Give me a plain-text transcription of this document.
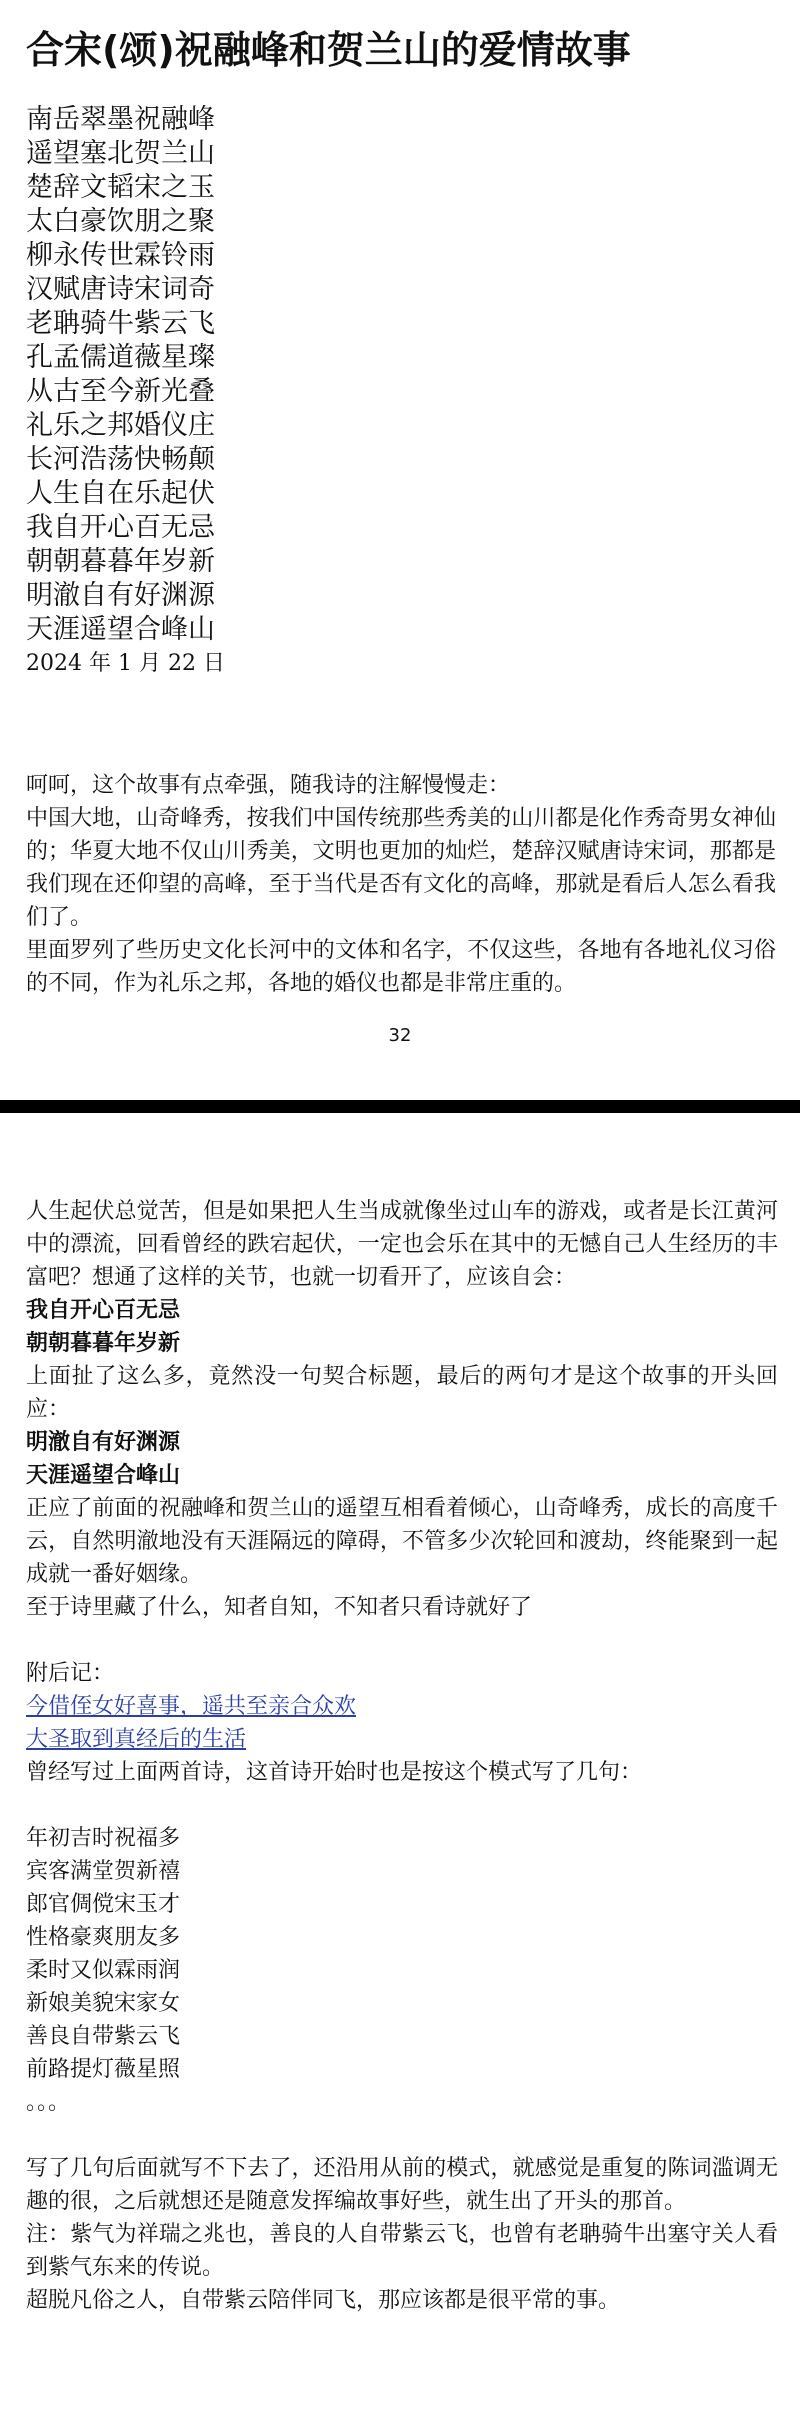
合宋(颂)祝融峰和贺兰山的爱情故事
南岳翠墨祝融峰
遥望塞北贺兰山
楚辞文韬宋之玉
太白豪饮朋之聚
柳永传世霖铃雨
汉赋唐诗宋词奇
老聃骑牛紫云飞
孔孟儒道薇星璨
从古至今新光叠
礼乐之邦婚仪庄
长河浩荡快畅颠
人生自在乐起伏
我自开心百无忌
朝朝暮暮年岁新
明澈自有好渊源
天涯遥望合峰山
2024 年 1 月 22 日

呵呵，这个故事有点牵强，随我诗的注解慢慢走：

中国大地，山奇峰秀，按我们中国传统那些秀美的山川都是化作秀奇男女神仙的；华夏大地不仅山川秀美，文明也更加的灿烂，楚辞汉赋唐诗宋词，那都是我们现在还仰望的高峰，至于当代是否有文化的高峰，那就是看后人怎么看我们了。

里面罗列了些历史文化长河中的文体和名字，不仅这些，各地有各地礼仪习俗的不同，作为礼乐之邦，各地的婚仪也都是非常庄重的。

32

人生起伏总觉苦，但是如果把人生当成就像坐过山车的游戏，或者是长江黄河中的漂流，回看曾经的跌宕起伏，一定也会乐在其中的无憾自己人生经历的丰富吧？想通了这样的关节，也就一切看开了，应该自会：

我自开心百无忌

朝朝暮暮年岁新

上面扯了这么多，竟然没一句契合标题，最后的两句才是这个故事的开头回应：

明澈自有好渊源

天涯遥望合峰山

正应了前面的祝融峰和贺兰山的遥望互相看着倾心，山奇峰秀，成长的高度千云，自然明澈地没有天涯隔远的障碍，不管多少次轮回和渡劫，终能聚到一起成就一番好姻缘。

至于诗里藏了什么，知者自知，不知者只看诗就好了

附后记：

今借侄女好喜事，遥共至亲合众欢

大圣取到真经后的生活

曾经写过上面两首诗，这首诗开始时也是按这个模式写了几句：

年初吉时祝福多
宾客满堂贺新禧
郎官倜傥宋玉才
性格豪爽朋友多
柔时又似霖雨润
新娘美貌宋家女
善良自带紫云飞
前路提灯薇星照
。。。

写了几句后面就写不下去了，还沿用从前的模式，就感觉是重复的陈词滥调无趣的很，之后就想还是随意发挥编故事好些，就生出了开头的那首。

注：紫气为祥瑞之兆也，善良的人自带紫云飞，也曾有老聃骑牛出塞守关人看到紫气东来的传说。

超脱凡俗之人，自带紫云陪伴同飞，那应该都是很平常的事。
